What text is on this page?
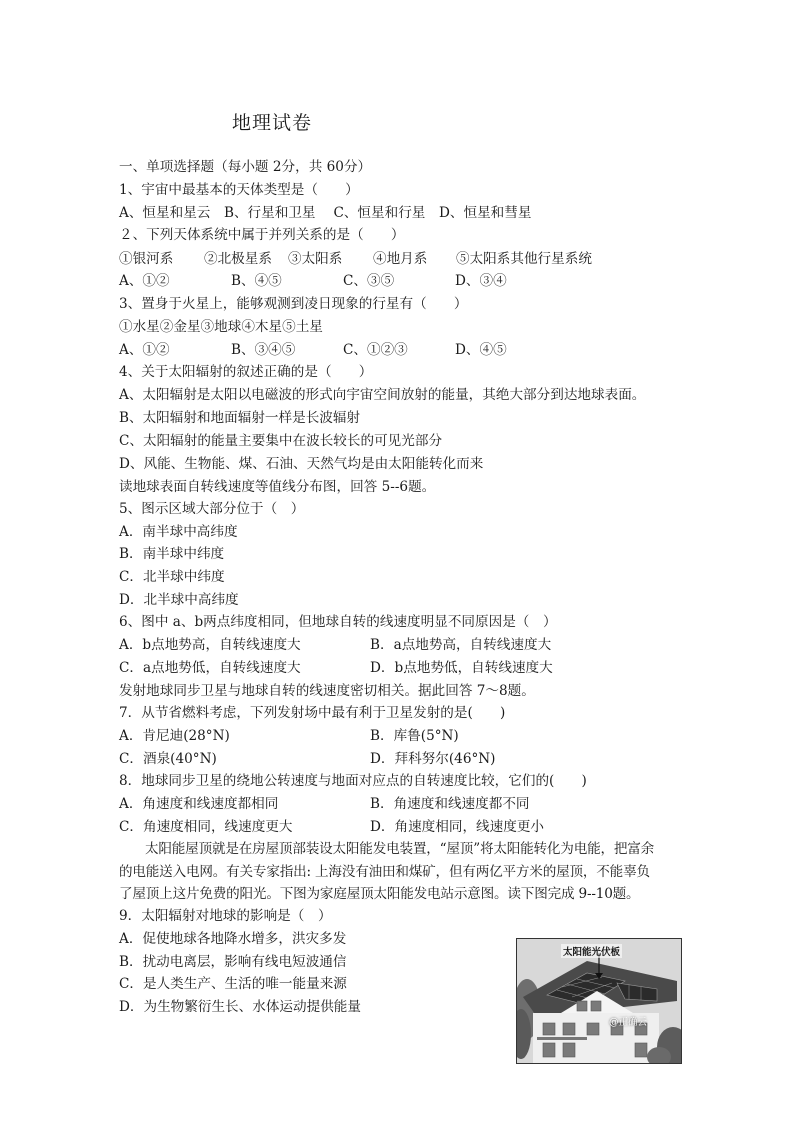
地理试卷
一、单项选择题（每小题 2分，共 60分）
1、宇宙中最基本的天体类型是（　　）
A、恒星和星云　B、行星和卫星　 C、恒星和行星　D、恒星和彗星
２、下列天体系统中属于并列关系的是（　　）
①银河系 ②北极星系 ③太阳系 ④地月系 ⑤太阳系其他行星系统
A、①②	B、④⑤	C、③⑤	D、③④
3、置身于火星上，能够观测到凌日现象的行星有（　　）
①水星②金星③地球④木星⑤土星
A、①②	B、③④⑤	C、①②③	D、④⑤
4、关于太阳辐射的叙述正确的是（　　）
A、太阳辐射是太阳以电磁波的形式向宇宙空间放射的能量，其绝大部分到达地球表面。
B、太阳辐射和地面辐射一样是长波辐射
C、太阳辐射的能量主要集中在波长较长的可见光部分
D、风能、生物能、煤、石油、天然气均是由太阳能转化而来
读地球表面自转线速度等值线分布图，回答 5--6题。
5、图示区域大部分位于（　）
A．南半球中高纬度
B．南半球中纬度
C．北半球中纬度
D．北半球中高纬度
6、图中 a、b两点纬度相同，但地球自转的线速度明显不同原因是（　）
A．b点地势高，自转线速度大	B．a点地势高，自转线速度大
C．a点地势低，自转线速度大	D．b点地势低，自转线速度大
发射地球同步卫星与地球自转的线速度密切相关。据此回答 7～8题。
7．从节省燃料考虑，下列发射场中最有利于卫星发射的是(　　)
A．肯尼迪(28°N)	B．库鲁(5°N)
C．酒泉(40°N)	D．拜科努尔(46°N)
8．地球同步卫星的绕地公转速度与地面对应点的自转速度比较，它们的(　　)
A．角速度和线速度都相同	B．角速度和线速度都不同
C．角速度相同，线速度更大	D．角速度相同，线速度更小
太阳能屋顶就是在房屋顶部装设太阳能发电装置，“屋顶”将太阳能转化为电能，把富余
的电能送入电网。有关专家指出: 上海没有油田和煤矿，但有两亿平方米的屋顶，不能辜负
了屋顶上这片免费的阳光。下图为家庭屋顶太阳能发电站示意图。读下图完成 9--10题。
9．太阳辐射对地球的影响是（　）
A．促使地球各地降水增多，洪灾多发
B．扰动电离层，影响有线电短波通信
C．是人类生产、生活的唯一能量来源
D．为生物繁衍生长、水体运动提供能量
太阳能光伏板
@正确云
